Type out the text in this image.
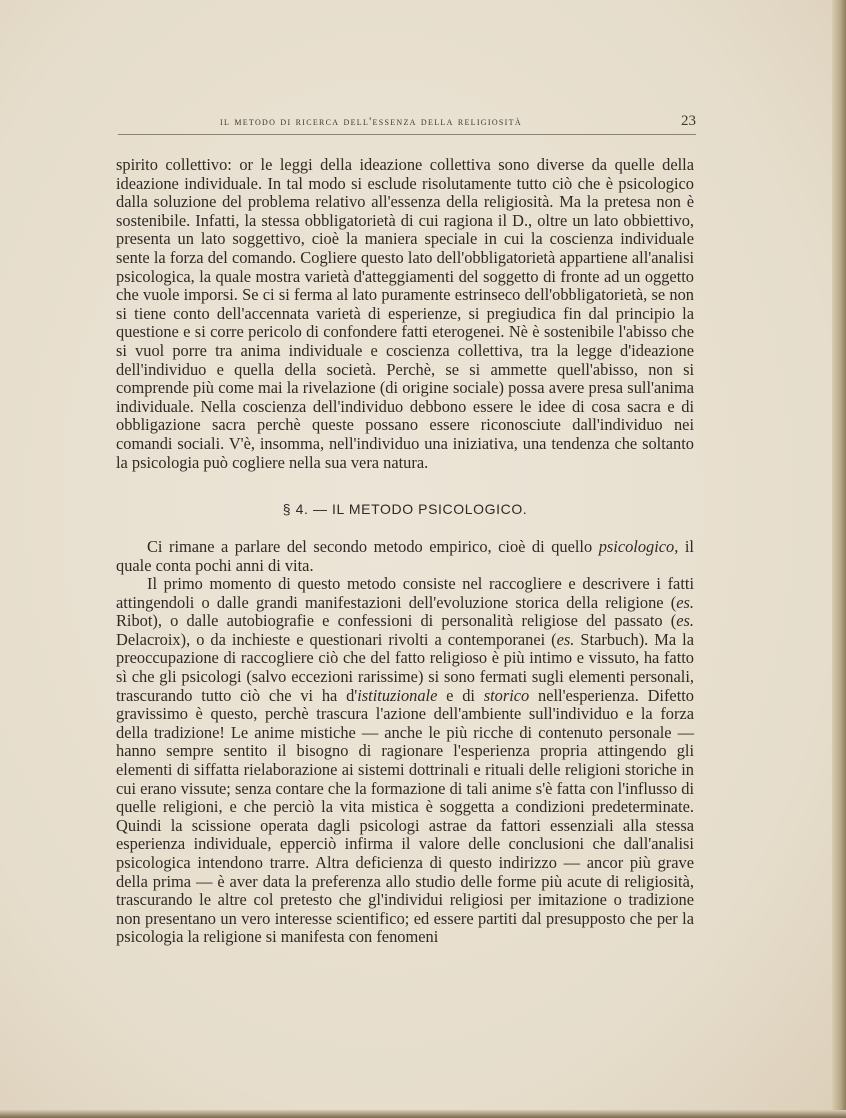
il metodo di ricerca dell'essenza della religiosità	23

spirito collettivo: or le leggi della ideazione collettiva sono diverse da quelle della ideazione individuale. In tal modo si esclude risolutamente tutto ciò che è psicologico dalla soluzione del problema relativo all'essenza della religiosità. Ma la pretesa non è sostenibile. Infatti, la stessa obbligatorietà di cui ragiona il D., oltre un lato obbiettivo, presenta un lato soggettivo, cioè la maniera speciale in cui la coscienza individuale sente la forza del comando. Cogliere questo lato dell'obbligatorietà appartiene all'analisi psicologica, la quale mostra varietà d'atteggiamenti del soggetto di fronte ad un oggetto che vuole imporsi. Se ci si ferma al lato puramente estrinseco dell'obbligatorietà, se non si tiene conto dell'accennata varietà di esperienze, si pregiudica fin dal principio la questione e si corre pericolo di confondere fatti eterogenei. Nè è sostenibile l'abisso che si vuol porre tra anima individuale e coscienza collettiva, tra la legge d'ideazione dell'individuo e quella della società. Perchè, se si ammette quell'abisso, non si comprende più come mai la rivelazione (di origine sociale) possa avere presa sull'anima individuale. Nella coscienza dell'individuo debbono essere le idee di cosa sacra e di obbligazione sacra perchè queste possano essere riconosciute dall'individuo nei comandi sociali. V'è, insomma, nell'individuo una iniziativa, una tendenza che soltanto la psicologia può cogliere nella sua vera natura.

§ 4. — IL METODO PSICOLOGICO.
Ci rimane a parlare del secondo metodo empirico, cioè di quello psicologico, il quale conta pochi anni di vita.

Il primo momento di questo metodo consiste nel raccogliere e descrivere i fatti attingendoli o dalle grandi manifestazioni dell'evoluzione storica della religione (es. Ribot), o dalle autobiografie e confessioni di personalità religiose del passato (es. Delacroix), o da inchieste e questionari rivolti a contemporanei (es. Starbuch). Ma la preoccupazione di raccogliere ciò che del fatto religioso è più intimo e vissuto, ha fatto sì che gli psicologi (salvo eccezioni rarissime) si sono fermati sugli elementi personali, trascurando tutto ciò che vi ha d'istituzionale e di storico nell'esperienza. Difetto gravissimo è questo, perchè trascura l'azione dell'ambiente sull'individuo e la forza della tradizione! Le anime mistiche — anche le più ricche di contenuto personale — hanno sempre sentito il bisogno di ragionare l'esperienza propria attingendo gli elementi di siffatta rielaborazione ai sistemi dottrinali e rituali delle religioni storiche in cui erano vissute; senza contare che la formazione di tali anime s'è fatta con l'influsso di quelle religioni, e che perciò la vita mistica è soggetta a condizioni predeterminate. Quindi la scissione operata dagli psicologi astrae da fattori essenziali alla stessa esperienza individuale, epperciò infirma il valore delle conclusioni che dall'analisi psicologica intendono trarre. Altra deficienza di questo indirizzo — ancor più grave della prima — è aver data la preferenza allo studio delle forme più acute di religiosità, trascurando le altre col pretesto che gl'individui religiosi per imitazione o tradizione non presentano un vero interesse scientifico; ed essere partiti dal presupposto che per la psicologia la religione si manifesta con fenomeni
